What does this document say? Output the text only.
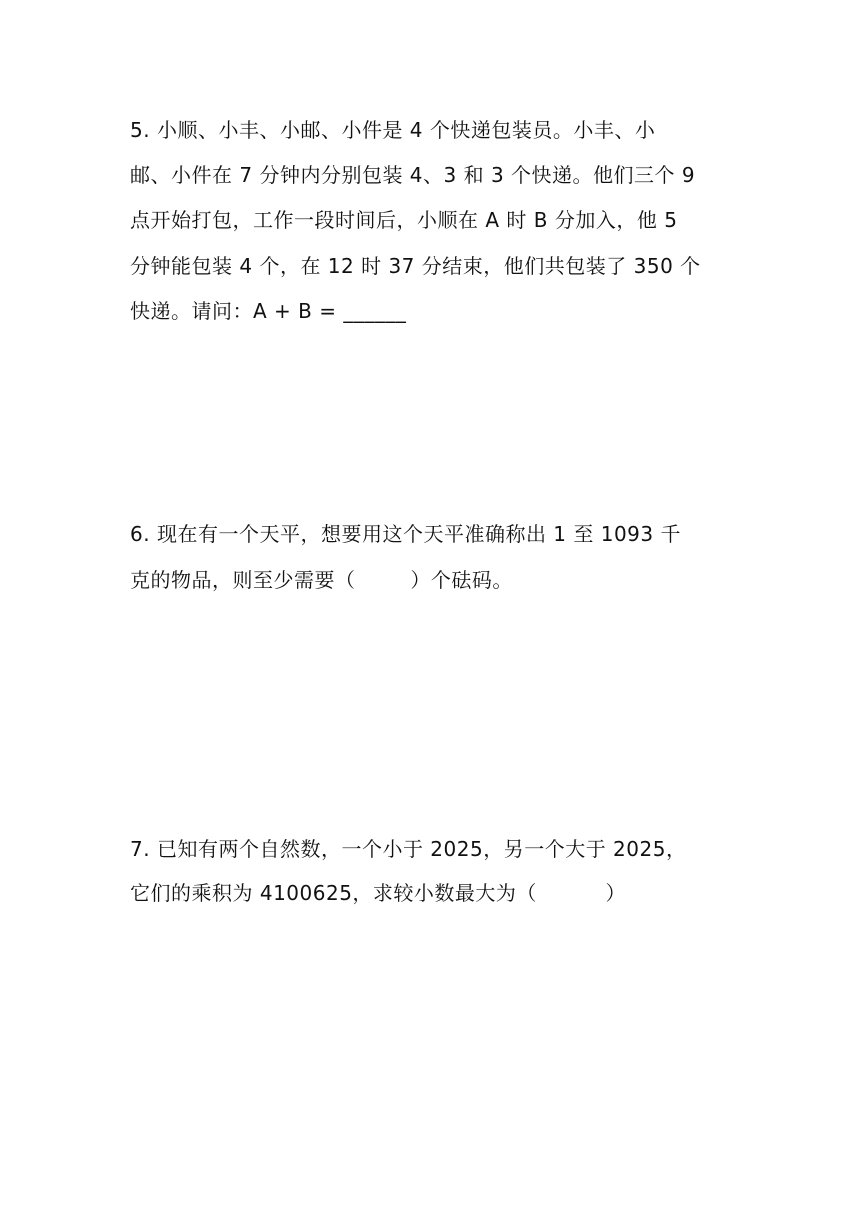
5. 小顺、小丰、小邮、小件是 4 个快递包装员。小丰、小
邮、小件在 7 分钟内分别包装 4、3 和 3 个快递。他们三个 9
点开始打包，工作一段时间后，小顺在 A 时 B 分加入，他 5
分钟能包装 4 个，在 12 时 37 分结束，他们共包装了 350 个
快递。请问：A + B = ______
6. 现在有一个天平，想要用这个天平准确称出 1 至 1093 千
克的物品，则至少需要（        ）个砝码。
7. 已知有两个自然数，一个小于 2025，另一个大于 2025，
它们的乘积为 4100625，求较小数最大为（          ）
